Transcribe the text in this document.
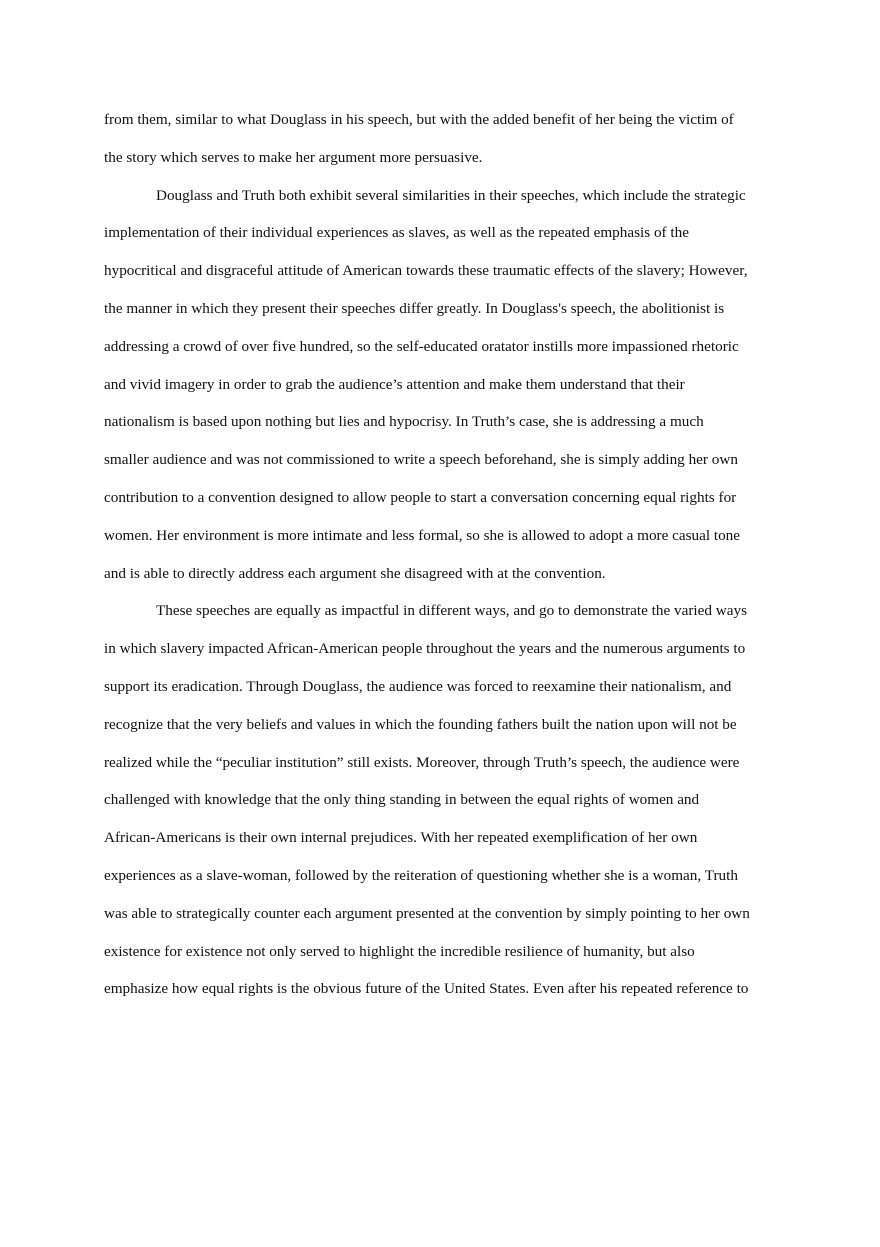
from them, similar to what Douglass in his speech, but with the added benefit of her being the victim of
the story which serves to make her argument more persuasive.
Douglass and Truth both exhibit several similarities in their speeches, which include the strategic
implementation of their individual experiences as slaves, as well as the repeated emphasis of the
hypocritical and disgraceful attitude of American towards these traumatic effects of the slavery; However,
the manner in which they present their speeches differ greatly. In Douglass's speech, the abolitionist is
addressing a crowd of over five hundred, so the self-educated oratator instills more impassioned rhetoric
and vivid imagery in order to grab the audience’s attention and make them understand that their
nationalism is based upon nothing but lies and hypocrisy. In Truth’s case, she is addressing a much
smaller audience and was not commissioned to write a speech beforehand, she is simply adding her own
contribution to a convention designed to allow people to start a conversation concerning equal rights for
women. Her environment is more intimate and less formal, so she is allowed to adopt a more casual tone
and is able to directly address each argument she disagreed with at the convention.
These speeches are equally as impactful in different ways, and go to demonstrate the varied ways
in which slavery impacted African-American people throughout the years and the numerous arguments to
support its eradication. Through Douglass, the audience was forced to reexamine their nationalism, and
recognize that the very beliefs and values in which the founding fathers built the nation upon will not be
realized while the “peculiar institution” still exists. Moreover, through Truth’s speech, the audience were
challenged with knowledge that the only thing standing in between the equal rights of women and
African-Americans is their own internal prejudices. With her repeated exemplification of her own
experiences as a slave-woman, followed by the reiteration of questioning whether she is a woman, Truth
was able to strategically counter each argument presented at the convention by simply pointing to her own
existence for existence not only served to highlight the incredible resilience of humanity, but also
emphasize how equal rights is the obvious future of the United States. Even after his repeated reference to
